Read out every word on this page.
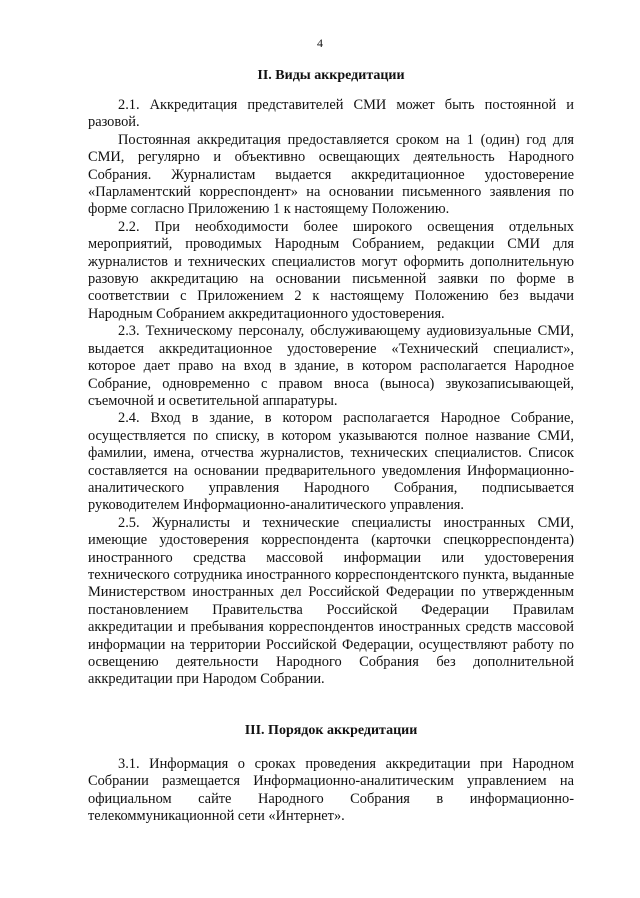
4
II. Виды аккредитации

2.1. Аккредитация представителей СМИ может быть постоянной и разовой.

Постоянная аккредитация предоставляется сроком на 1 (один) год для СМИ, регулярно и объективно освещающих деятельность Народного Собрания. Журналистам выдается аккредитационное удостоверение «Парламентский корреспондент» на основании письменного заявления по форме согласно Приложению 1 к настоящему Положению.

2.2. При необходимости более широкого освещения отдельных мероприятий, проводимых Народным Собранием, редакции СМИ для журналистов и технических специалистов могут оформить дополнительную разовую аккредитацию на основании письменной заявки по форме в соответствии с Приложением 2 к настоящему Положению без выдачи Народным Собранием аккредитационного удостоверения.

2.3. Техническому персоналу, обслуживающему аудиовизуальные СМИ, выдается аккредитационное удостоверение «Технический специалист», которое дает право на вход в здание, в котором располагается Народное Собрание, одновременно с правом вноса (выноса) звукозаписывающей, съемочной и осветительной аппаратуры.

2.4. Вход в здание, в котором располагается Народное Собрание, осуществляется по списку, в котором указываются полное название СМИ, фамилии, имена, отчества журналистов, технических специалистов. Список составляется на основании предварительного уведомления Информационно-аналитического управления Народного Собрания, подписывается руководителем Информационно-аналитического управления.

2.5. Журналисты и технические специалисты иностранных СМИ, имеющие удостоверения корреспондента (карточки спецкорреспондента) иностранного средства массовой информации или удостоверения технического сотрудника иностранного корреспондентского пункта, выданные Министерством иностранных дел Российской Федерации по утвержденным постановлением Правительства Российской Федерации Правилам аккредитации и пребывания корреспондентов иностранных средств массовой информации на территории Российской Федерации, осуществляют работу по освещению деятельности Народного Собрания без дополнительной аккредитации при Народом Собрании.

III. Порядок аккредитации

3.1. Информация о сроках проведения аккредитации при Народном Собрании размещается Информационно-аналитическим управлением на официальном сайте Народного Собрания в информационно-телекоммуникационной сети «Интернет».
